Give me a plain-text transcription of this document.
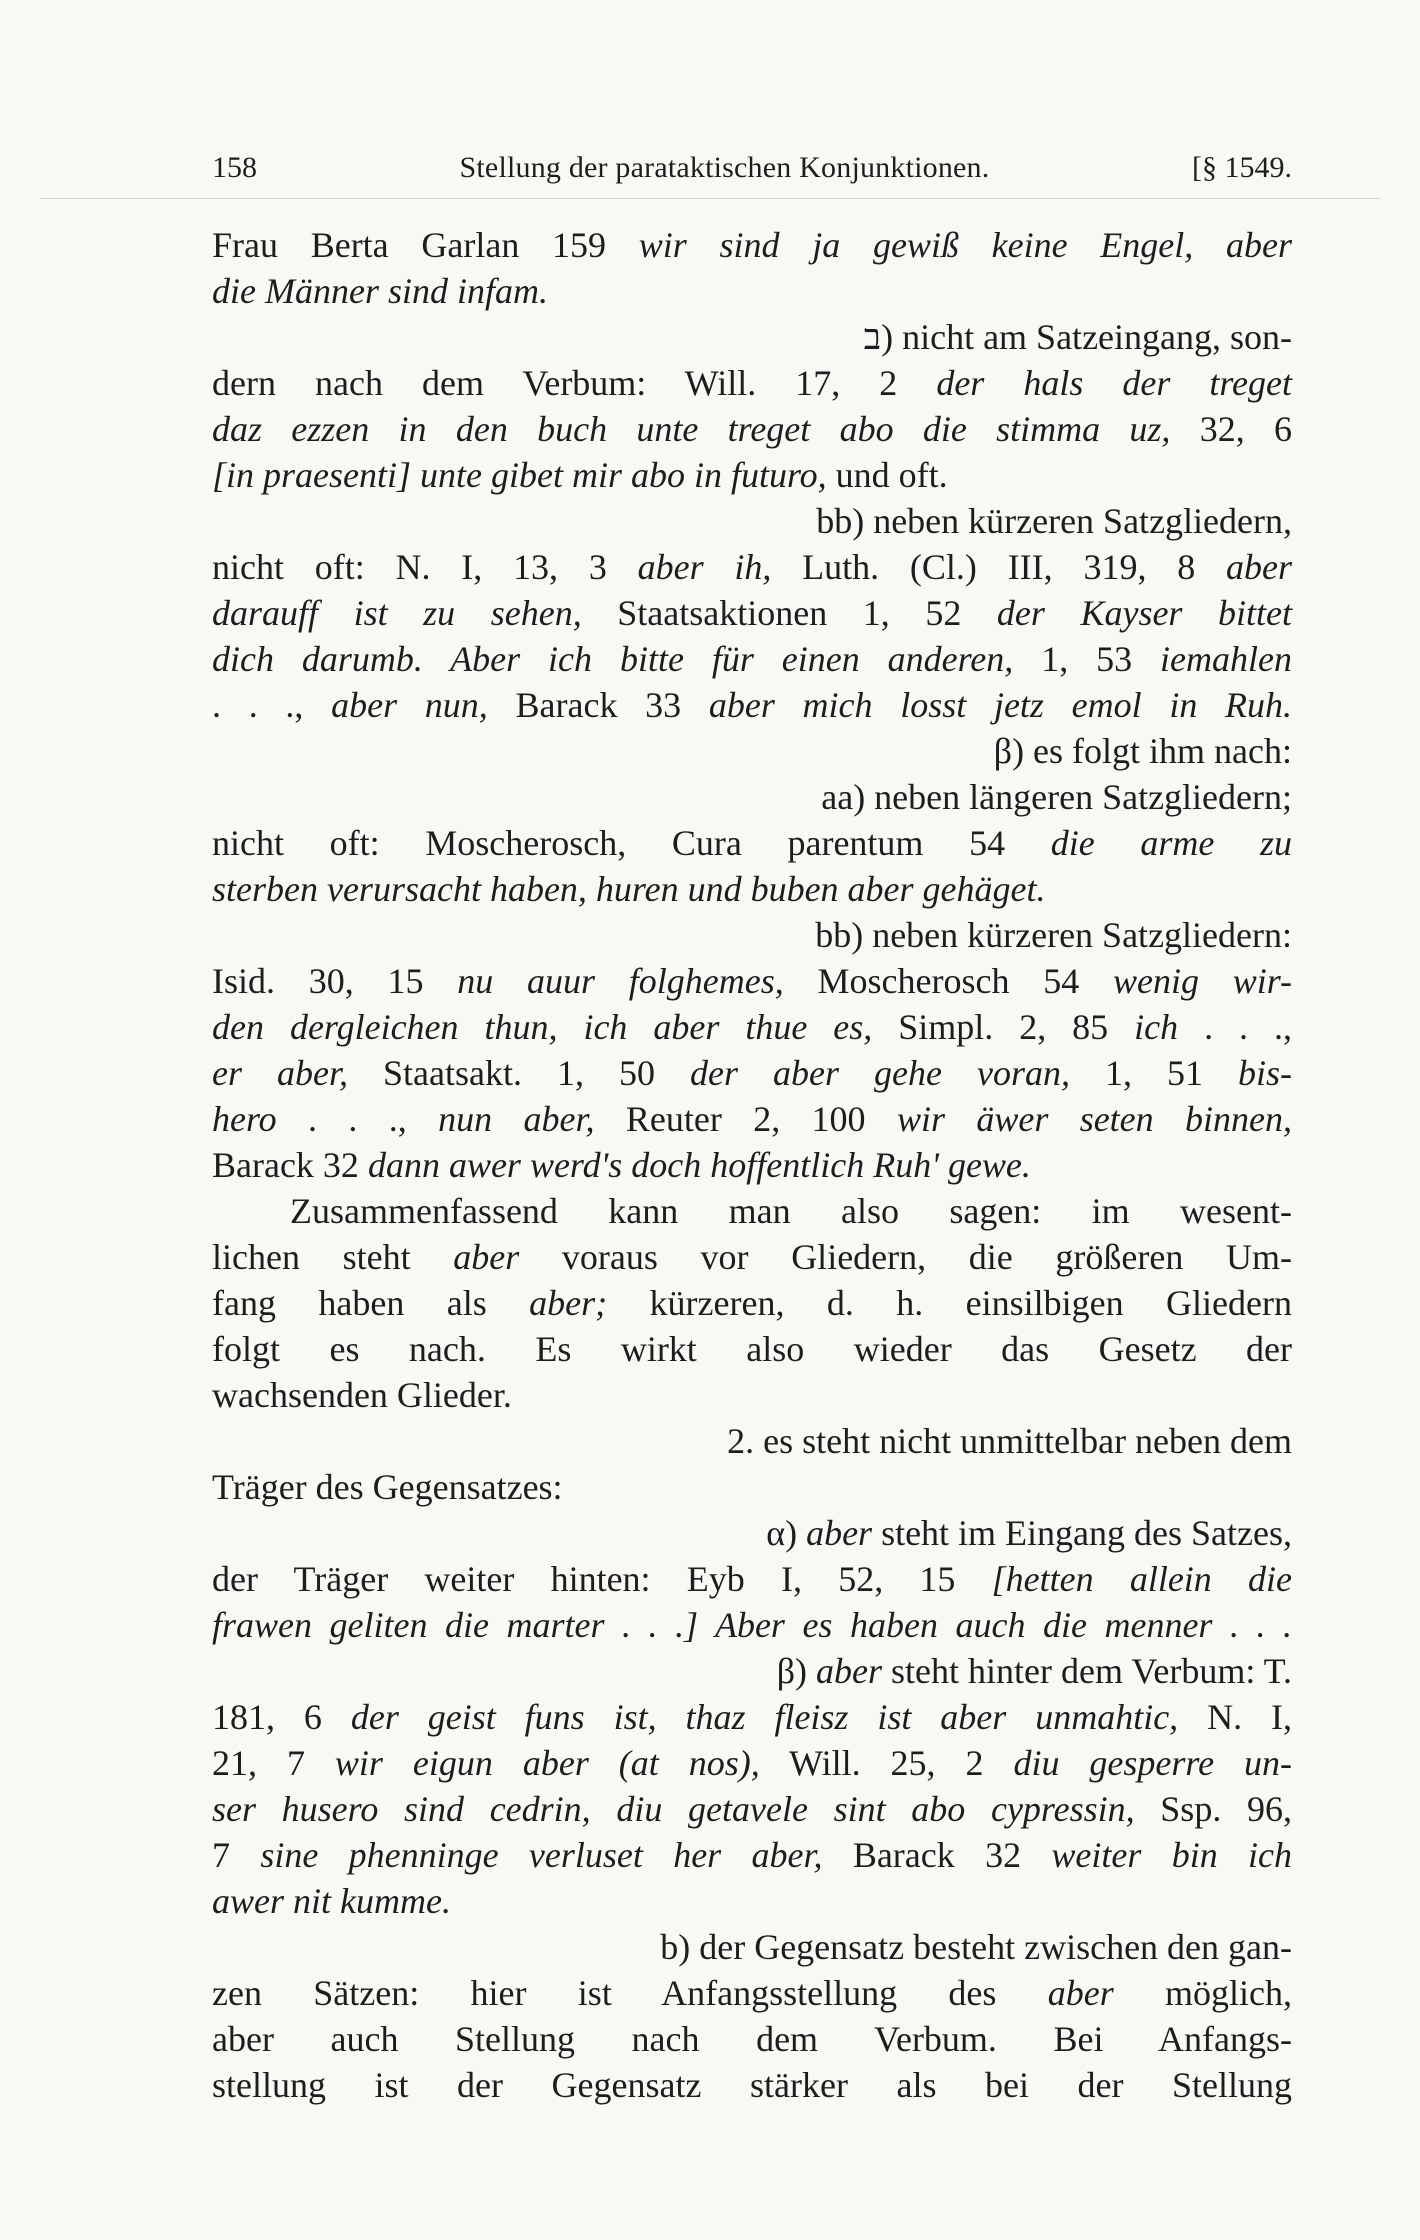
158	Stellung der parataktischen Konjunktionen.	[§ 1549.
Frau Berta Garlan 159 wir sind ja gewiß keine Engel, aber
die Männer sind infam.
ב) nicht am Satzeingang, son-
dern nach dem Verbum: Will. 17, 2 der hals der treget
daz ezzen in den buch unte treget abo die stimma uz, 32, 6
[in praesenti] unte gibet mir abo in futuro, und oft.
bb) neben kürzeren Satzgliedern,
nicht oft: N. I, 13, 3 aber ih, Luth. (Cl.) III, 319, 8 aber
darauff ist zu sehen, Staatsaktionen 1, 52 der Kayser bittet
dich darumb. Aber ich bitte für einen anderen, 1, 53 iemahlen
. . ., aber nun, Barack 33 aber mich losst jetz emol in Ruh.
β) es folgt ihm nach:
aa) neben längeren Satzgliedern;
nicht oft: Moscherosch, Cura parentum 54 die arme zu
sterben verursacht haben, huren und buben aber gehäget.
bb) neben kürzeren Satzgliedern:
Isid. 30, 15 nu auur folghemes, Moscherosch 54 wenig wir-
den dergleichen thun, ich aber thue es, Simpl. 2, 85 ich . . .,
er aber, Staatsakt. 1, 50 der aber gehe voran, 1, 51 bis-
hero . . ., nun aber, Reuter 2, 100 wir äwer seten binnen,
Barack 32 dann awer werd's doch hoffentlich Ruh' gewe.
Zusammenfassend kann man also sagen: im wesent-
lichen steht aber voraus vor Gliedern, die größeren Um-
fang haben als aber; kürzeren, d. h. einsilbigen Gliedern
folgt es nach. Es wirkt also wieder das Gesetz der
wachsenden Glieder.
2. es steht nicht unmittelbar neben dem
Träger des Gegensatzes:
α) aber steht im Eingang des Satzes,
der Träger weiter hinten: Eyb I, 52, 15 [hetten allein die
frawen geliten die marter . . .] Aber es haben auch die menner . . .
β) aber steht hinter dem Verbum: T.
181, 6 der geist funs ist, thaz fleisz ist aber unmahtic, N. I,
21, 7 wir eigun aber (at nos), Will. 25, 2 diu gesperre un-
ser husero sind cedrin, diu getavele sint abo cypressin, Ssp. 96,
7 sine phenninge verluset her aber, Barack 32 weiter bin ich
awer nit kumme.
b) der Gegensatz besteht zwischen den gan-
zen Sätzen: hier ist Anfangsstellung des aber möglich,
aber auch Stellung nach dem Verbum. Bei Anfangs-
stellung ist der Gegensatz stärker als bei der Stellung
